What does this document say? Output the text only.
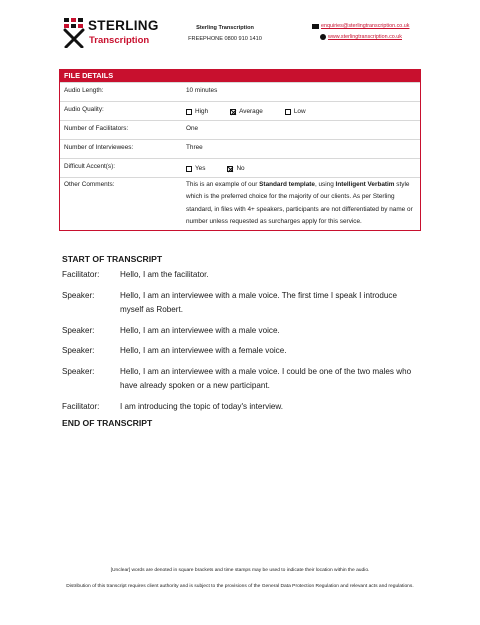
STERLING
Transcription
Sterling Transcription
FREEPHONE 0800 910 1410
enquiries@sterlingtranscription.co.uk
www.sterlingtranscription.co.uk
FILE DETAILS
Audio Length:	10 minutes
Audio Quality:	High	Average	Low
Number of Facilitators:	One
Number of Interviewees:	Three
Difficult Accent(s):	Yes	No
Other Comments:	This is an example of our Standard template, using Intelligent Verbatim style which is the preferred choice for the majority of our clients. As per Sterling standard, in files with 4+ speakers, participants are not differentiated by name or number unless requested as surcharges apply for this service.
START OF TRANSCRIPT
Facilitator:	Hello, I am the facilitator.
Speaker:	Hello, I am an interviewee with a male voice. The first time I speak I introduce myself as Robert.
Speaker:	Hello, I am an interviewee with a male voice.
Speaker:	Hello, I am an interviewee with a female voice.
Speaker:	Hello, I am an interviewee with a male voice. I could be one of the two males who have already spoken or a new participant.
Facilitator:	I am introducing the topic of today's interview.
END OF TRANSCRIPT
[Unclear] words are denoted in square brackets and time stamps may be used to indicate their location within the audio.
Distribution of this transcript requires client authority and is subject to the provisions of the General Data Protection Regulation and relevant acts and regulations.
